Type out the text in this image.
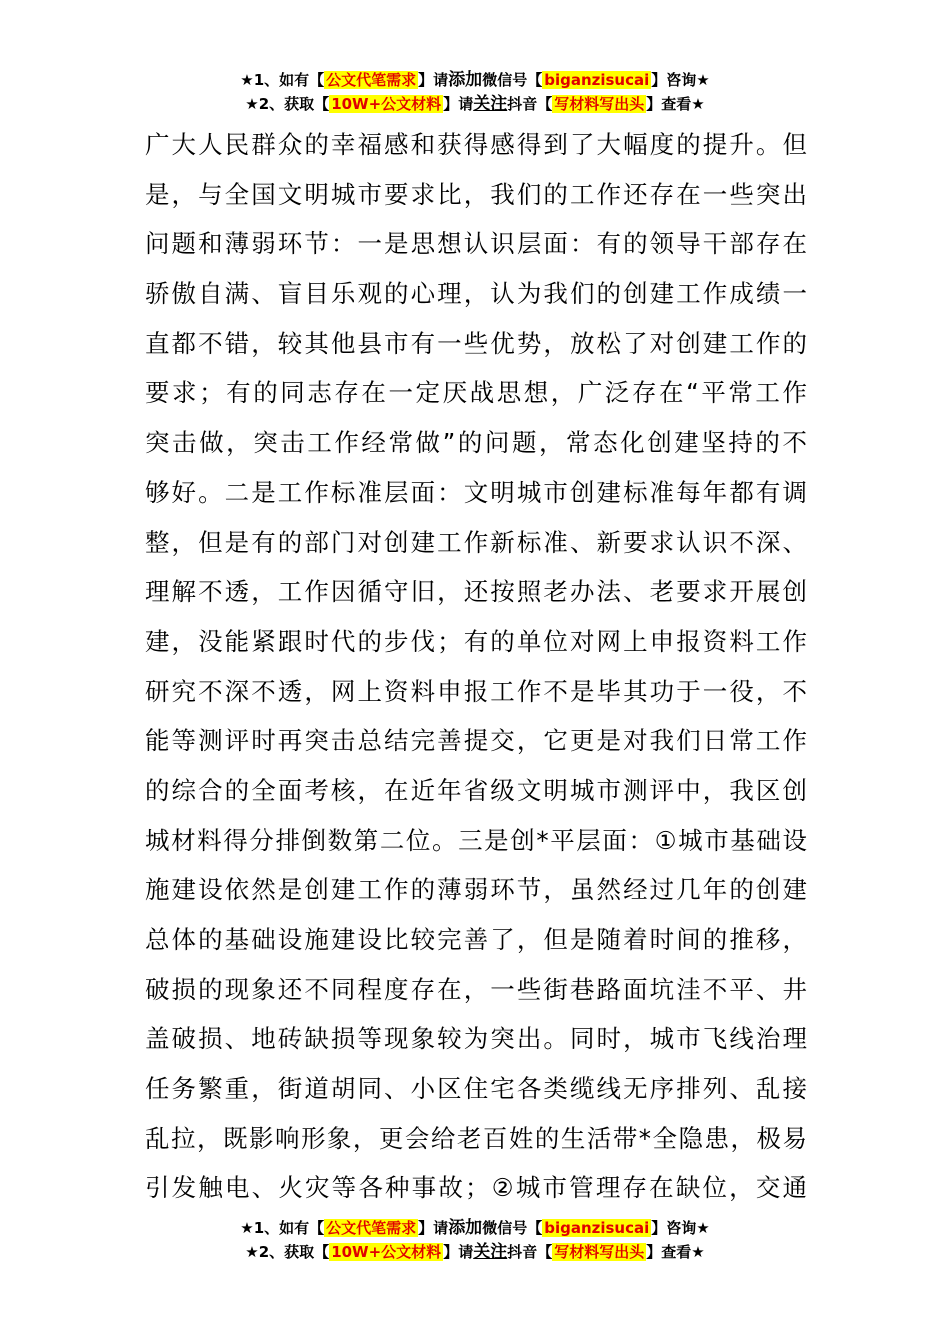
★1、如有【 公文代笔需求 】请添加微信号【 biganzisucai 】咨询★
★2、获取【 10W+公文材料 】请关注抖音【 写材料写出头 】查看★
广大人民群众的幸福感和获得感得到了大幅度的提升。但
是，与全国文明城市要求比，我们的工作还存在一些突出
问题和薄弱环节：一是思想认识层面：有的领导干部存在
骄傲自满、盲目乐观的心理，认为我们的创建工作成绩一
直都不错，较其他县市有一些优势，放松了对创建工作的
要求；有的同志存在一定厌战思想，广泛存在“平常工作
突击做，突击工作经常做”的问题，常态化创建坚持的不
够好。二是工作标准层面：文明城市创建标准每年都有调
整，但是有的部门对创建工作新标准、新要求认识不深、
理解不透，工作因循守旧，还按照老办法、老要求开展创
建，没能紧跟时代的步伐；有的单位对网上申报资料工作
研究不深不透，网上资料申报工作不是毕其功于一役，不
能等测评时再突击总结完善提交，它更是对我们日常工作
的综合的全面考核，在近年省级文明城市测评中，我区创
城材料得分排倒数第二位。三是创*平层面：①城市基础设
施建设依然是创建工作的薄弱环节，虽然经过几年的创建
总体的基础设施建设比较完善了，但是随着时间的推移，
破损的现象还不同程度存在，一些街巷路面坑洼不平、井
盖破损、地砖缺损等现象较为突出。同时，城市飞线治理
任务繁重，街道胡同、小区住宅各类缆线无序排列、乱接
乱拉，既影响形象，更会给老百姓的生活带*全隐患，极易
引发触电、火灾等各种事故；②城市管理存在缺位，交通
★1、如有【 公文代笔需求 】请添加微信号【 biganzisucai 】咨询★
★2、获取【 10W+公文材料 】请关注抖音【 写材料写出头 】查看★
